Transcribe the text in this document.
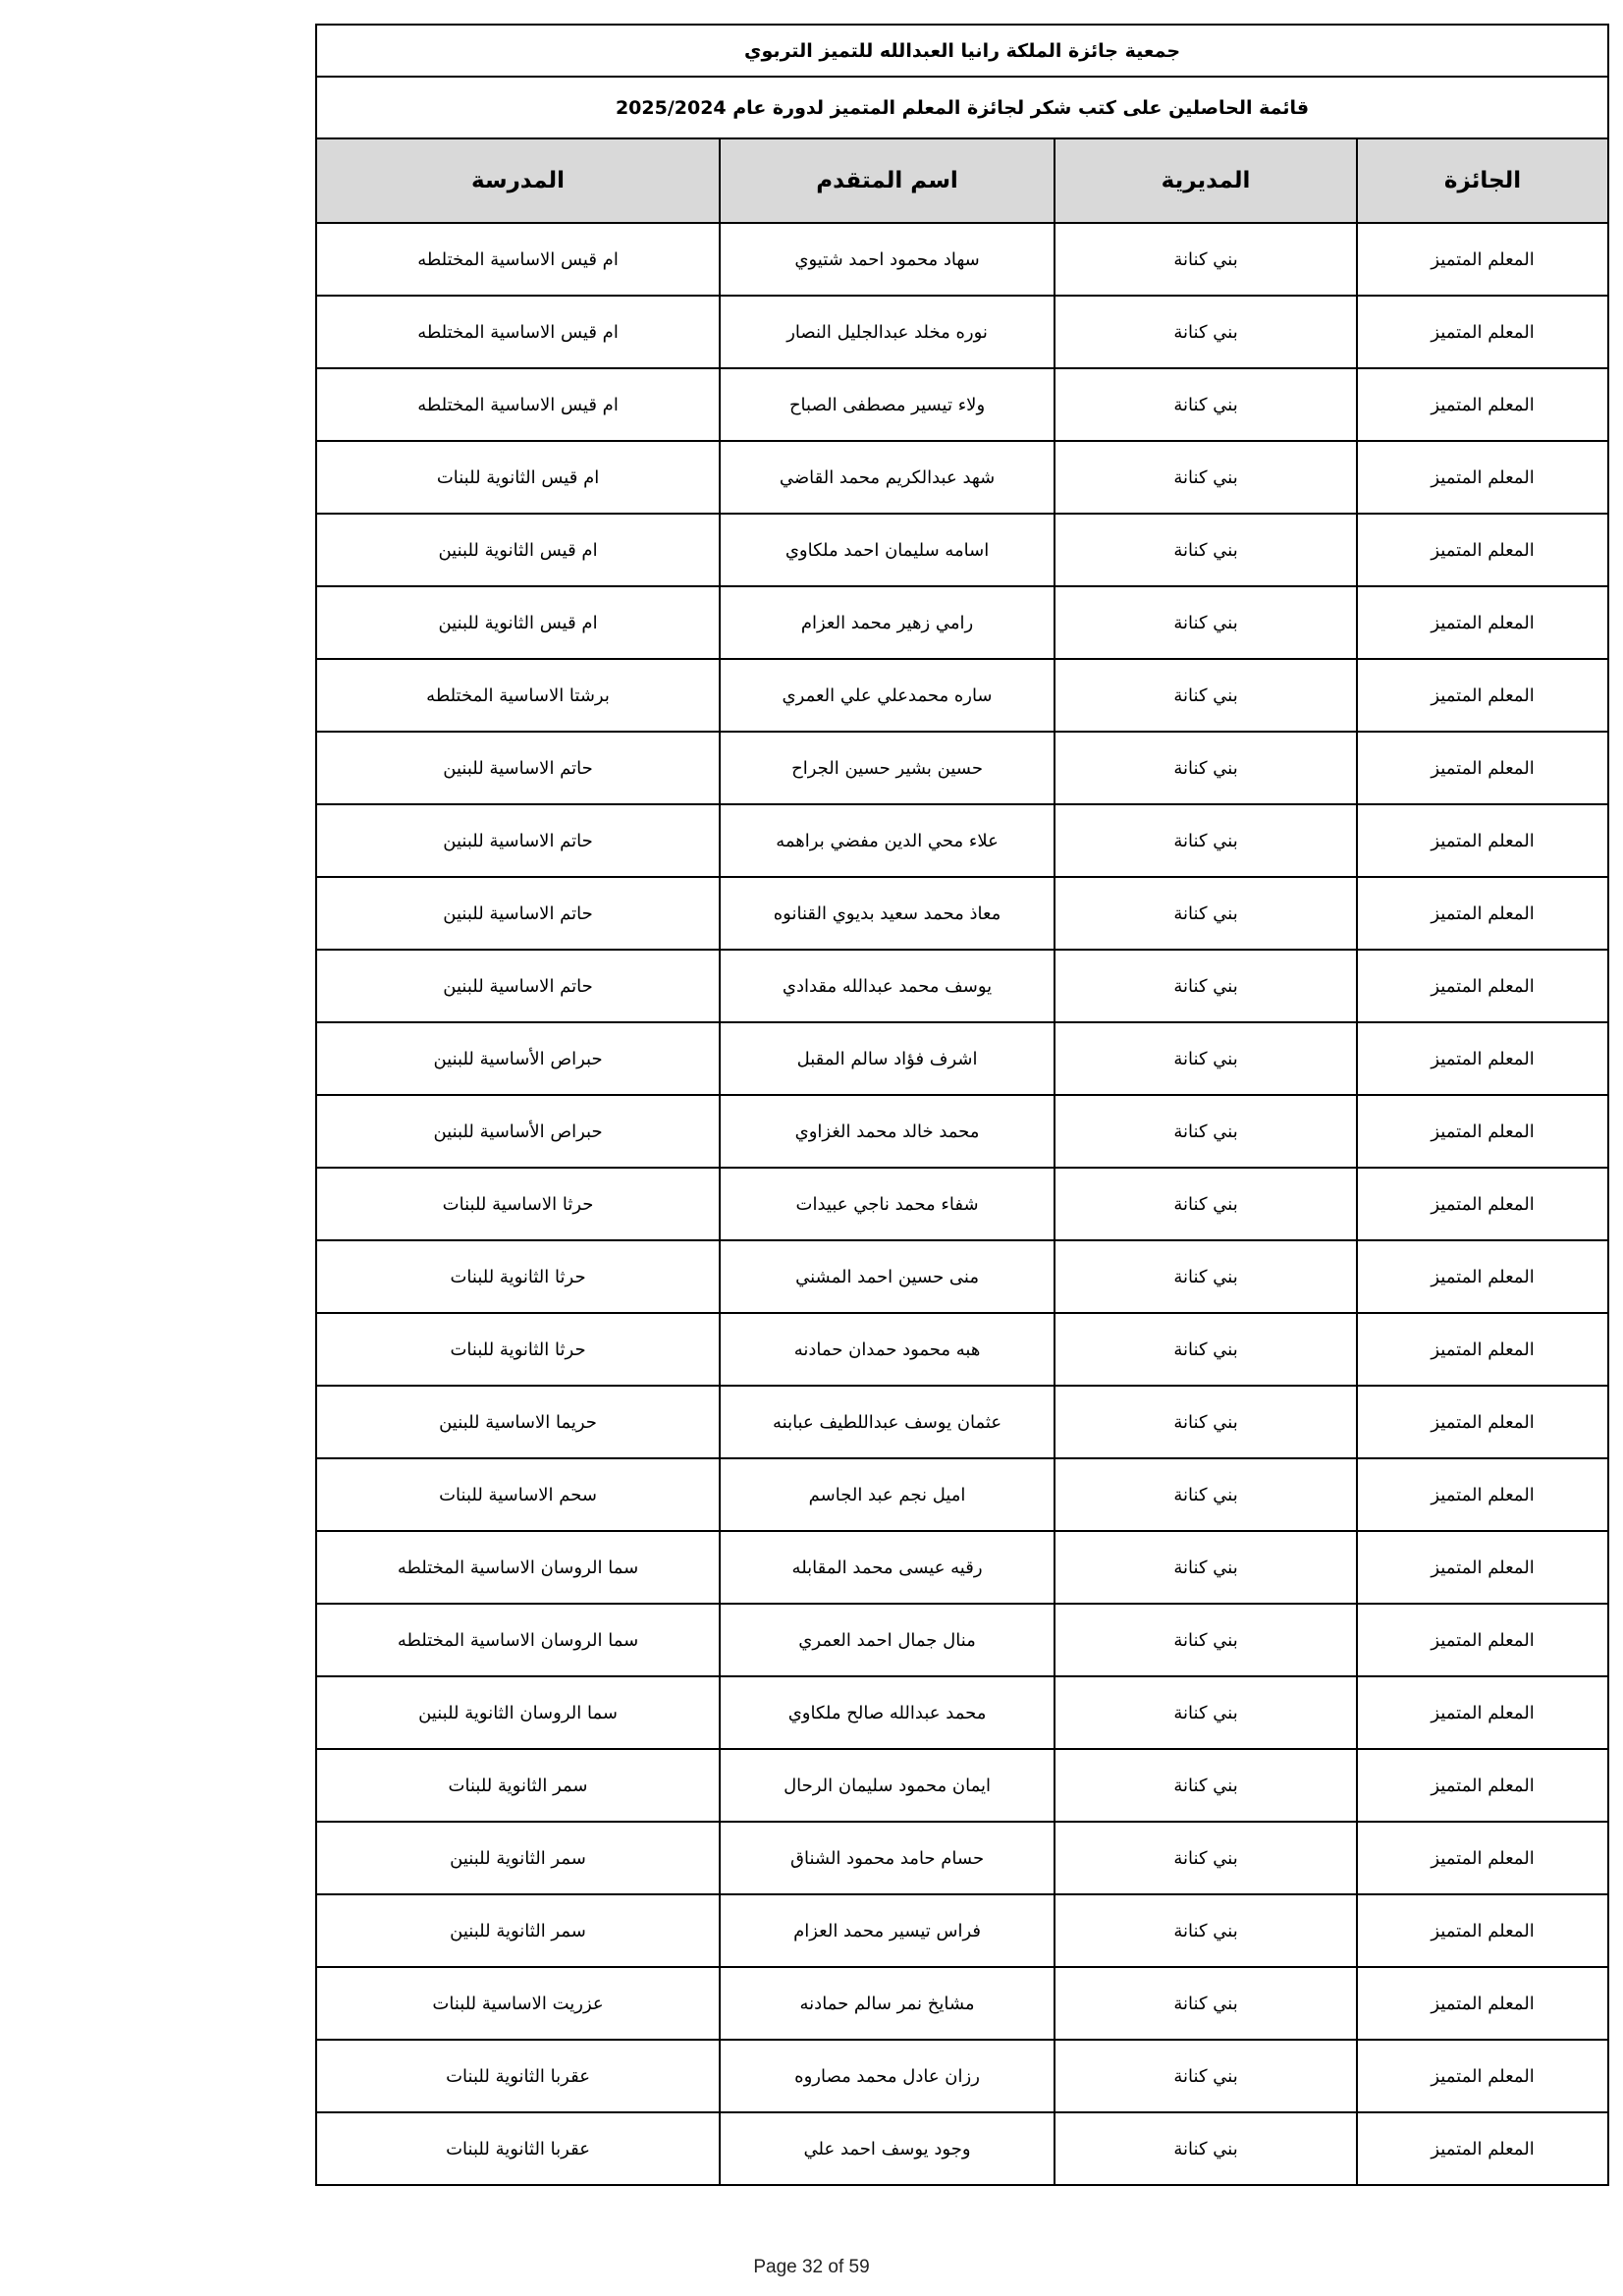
جمعية جائزة الملكة رانيا العبدالله للتميز التربوي			
قائمة الحاصلين على كتب شكر لجائزة المعلم المتميز لدورة عام 2025/2024			
الجائزة	المديرية	اسم المتقدم	المدرسة
المعلم المتميز	بني كنانة	سهاد محمود احمد شتيوي	ام قيس الاساسية المختلطه
المعلم المتميز	بني كنانة	نوره مخلد عبدالجليل النصار	ام قيس الاساسية المختلطه
المعلم المتميز	بني كنانة	ولاء تيسير مصطفى الصباح	ام قيس الاساسية المختلطه
المعلم المتميز	بني كنانة	شهد عبدالكريم محمد القاضي	ام قيس الثانوية للبنات
المعلم المتميز	بني كنانة	اسامه سليمان احمد ملكاوي	ام قيس الثانوية للبنين
المعلم المتميز	بني كنانة	رامي زهير محمد العزام	ام قيس الثانوية للبنين
المعلم المتميز	بني كنانة	ساره محمدعلي علي العمري	برشتا الاساسية المختلطه
المعلم المتميز	بني كنانة	حسين بشير حسين الجراح	حاتم الاساسية للبنين
المعلم المتميز	بني كنانة	علاء محي الدين مفضي براهمه	حاتم الاساسية للبنين
المعلم المتميز	بني كنانة	معاذ محمد سعيد بديوي القنانوه	حاتم الاساسية للبنين
المعلم المتميز	بني كنانة	يوسف محمد عبدالله مقدادي	حاتم الاساسية للبنين
المعلم المتميز	بني كنانة	اشرف فؤاد سالم المقبل	حبراص الأساسية للبنين
المعلم المتميز	بني كنانة	محمد خالد محمد الغزاوي	حبراص الأساسية للبنين
المعلم المتميز	بني كنانة	شفاء محمد ناجي عبيدات	حرثا الاساسية للبنات
المعلم المتميز	بني كنانة	منى حسين احمد المشني	حرثا الثانوية للبنات
المعلم المتميز	بني كنانة	هبه محمود حمدان حمادنه	حرثا الثانوية للبنات
المعلم المتميز	بني كنانة	عثمان يوسف عبداللطيف عبابنه	حريما الاساسية للبنين
المعلم المتميز	بني كنانة	اميل نجم عبد الجاسم	سحم الاساسية للبنات
المعلم المتميز	بني كنانة	رقيه عيسى محمد المقابله	سما الروسان الاساسية المختلطه
المعلم المتميز	بني كنانة	منال جمال احمد العمري	سما الروسان الاساسية المختلطه
المعلم المتميز	بني كنانة	محمد عبدالله صالح ملكاوي	سما الروسان الثانوية للبنين
المعلم المتميز	بني كنانة	ايمان محمود سليمان الرحال	سمر الثانوية للبنات
المعلم المتميز	بني كنانة	حسام حامد محمود الشناق	سمر الثانوية للبنين
المعلم المتميز	بني كنانة	فراس تيسير محمد العزام	سمر الثانوية للبنين
المعلم المتميز	بني كنانة	مشايخ نمر سالم حمادنه	عزريت الاساسية للبنات
المعلم المتميز	بني كنانة	رزان عادل محمد مصاروه	عقربا الثانوية للبنات
المعلم المتميز	بني كنانة	وجود يوسف احمد علي	عقربا الثانوية للبنات
Page 32 of 59
